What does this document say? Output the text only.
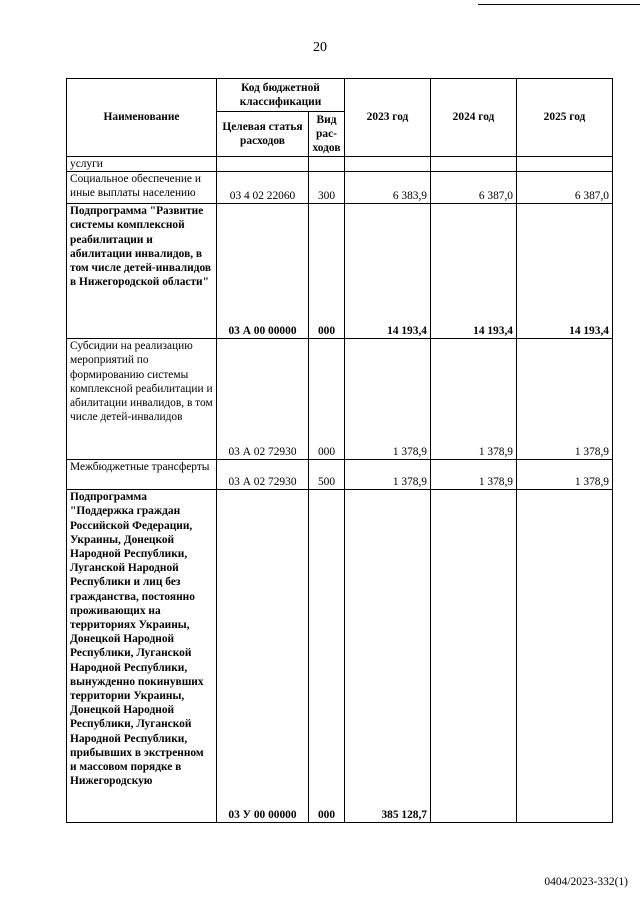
20
Наименование	Код бюджетной классификации		2023 год	2024 год	2025 год
	Целевая статья расходов	Вид рас-ходов			
услуги					
Социальное обеспечение и иные выплаты населению	03 4 02 22060	300	6 383,9	6 387,0	6 387,0
Подпрограмма "Развитие системы комплексной реабилитации и абилитации инвалидов, в том числе детей-инвалидов в Нижегородской области"	03 А 00 00000	000	14 193,4	14 193,4	14 193,4
Субсидии на реализацию мероприятий по формированию системы комплексной реабилитации и абилитации инвалидов, в том числе детей-инвалидов	03 А 02 72930	000	1 378,9	1 378,9	1 378,9
Межбюджетные трансферты	03 А 02 72930	500	1 378,9	1 378,9	1 378,9
Подпрограмма "Поддержка граждан Российской Федерации, Украины, Донецкой Народной Республики, Луганской Народной Республики и лиц без гражданства, постоянно проживающих на территориях Украины, Донецкой Народной Республики, Луганской Народной Республики, вынужденно покинувших территории Украины, Донецкой Народной Республики, Луганской Народной Республики, прибывших в экстренном и массовом порядке в Нижегородскую	03 У 00 00000	000	385 128,7		
0404/2023-332(1)
